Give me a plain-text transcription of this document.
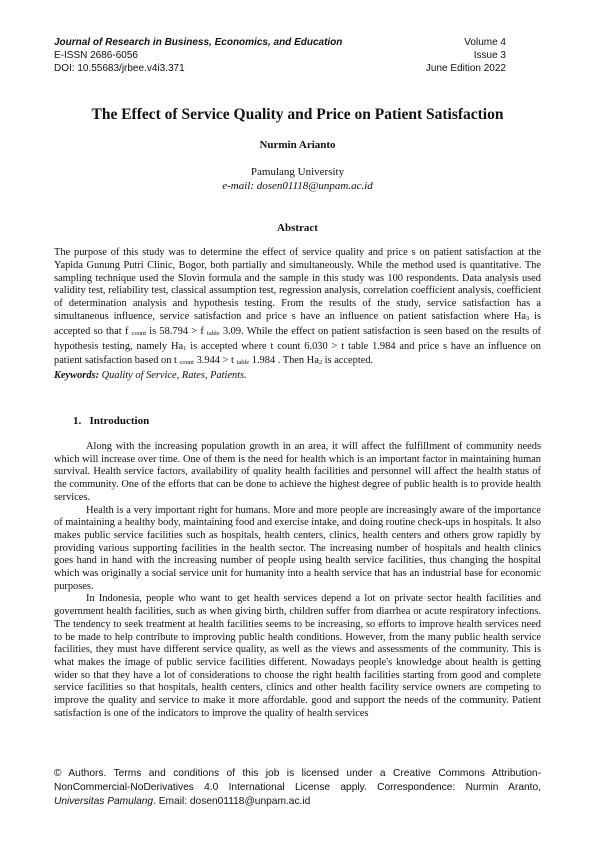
Journal of Research in Business, Economics, and Education	Volume 4
E-ISSN 2686-6056	Issue 3
DOI: 10.55683/jrbee.v4i3.371	June Edition 2022
The Effect of Service Quality and Price on Patient Satisfaction
Nurmin Arianto
Pamulang University
e-mail: dosen01118@unpam.ac.id
Abstract

The purpose of this study was to determine the effect of service quality and price s on patient satisfaction at the Yapida Gunung Putri Clinic, Bogor, both partially and simultaneously. While the method used is quantitative. The sampling technique used the Slovin formula and the sample in this study was 100 respondents. Data analysis used validity test, reliability test, classical assumption test, regression analysis, correlation coefficient analysis, coefficient of determination analysis and hypothesis testing. From the results of the study, service satisfaction has a simultaneous influence, service satisfaction and price s have an influence on patient satisfaction where $Ha_3$ is accepted so that f $_{count}$ is 58.794 > f $_{table}$ 3.09. While the effect on patient satisfaction is seen based on the results of hypothesis testing, namely $Ha_1$ is accepted where t count 6.030 > t table 1.984 and price s have an influence on patient satisfaction based on t $_{count}$ 3.944 > t $_{table}$ 1.984 . Then $Ha_2$ is accepted.

Keywords: Quality of Service, Rates, Patients.

1. Introduction

Along with the increasing population growth in an area, it will affect the fulfillment of community needs which will increase over time. One of them is the need for health which is an important factor in maintaining human survival. Health service factors, availability of quality health facilities and personnel will affect the health status of the community. One of the efforts that can be done to achieve the highest degree of public health is to provide health services.

Health is a very important right for humans. More and more people are increasingly aware of the importance of maintaining a healthy body, maintaining food and exercise intake, and doing routine check-ups in hospitals. It also makes public service facilities such as hospitals, health centers, clinics, health centers and others grow rapidly by providing various supporting facilities in the health sector. The increasing number of hospitals and health clinics goes hand in hand with the increasing number of people using health service facilities, thus changing the hospital which was originally a social service unit for humanity into a health service that has an industrial base for economic purposes.

In Indonesia, people who want to get health services depend a lot on private sector health facilities and government health facilities, such as when giving birth, children suffer from diarrhea or acute respiratory infections. The tendency to seek treatment at health facilities seems to be increasing, so efforts to improve health services need to be made to help contribute to improving public health conditions. However, from the many public health service facilities, they must have different service quality, as well as the views and assessments of the community. This is what makes the image of public service facilities different. Nowadays people's knowledge about health is getting wider so that they have a lot of considerations to choose the right health facilities starting from good and complete service facilities so that hospitals, health centers, clinics and other health facility service owners are competing to improve the quality and service to make it more affordable. good and support the needs of the community. Patient satisfaction is one of the indicators to improve the quality of health services

© Authors. Terms and conditions of this job is licensed under a Creative Commons Attribution-NonCommercial-NoDerivatives 4.0 International License apply. Correspondence: Nurmin Aranto, Universitas Pamulang. Email: dosen01118@unpam.ac.id
